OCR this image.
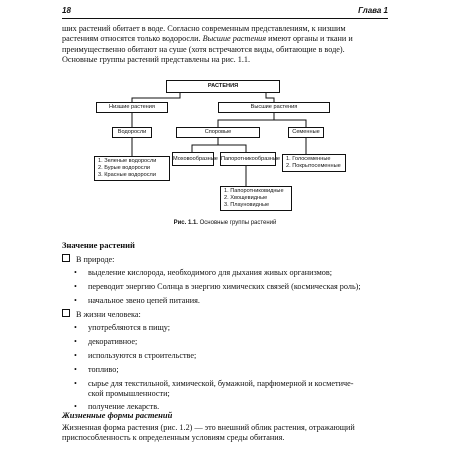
18	Глава 1
ших растений обитает в воде. Согласно современным представлениям, к низшим
растениям относятся только водоросли. Высшие растения имеют органы и ткани и
преимущественно обитают на суше (хотя встречаются виды, обитающие в воде).
Основные группы растений представлены на рис. 1.1.
РАСТЕНИЯ
Низшие растения	Высшие растения
Водоросли	Споровые	Семенные
1. Зеленые водоросли
2. Бурые водоросли
3. Красные водоросли
Моховообразные Папоротникообразные 1. Голосеменные
2. Покрытосеменные
1. Папоротниковидные
2. Хвощевидные
3. Плауновидные
Рис. 1.1. Основные группы растений
Значение растений
В природе:
• выделение кислорода, необходимого для дыхания живых организмов;
• переводит энергию Солнца в энергию химических связей (космическая роль);
• начальное звено цепей питания.
В жизни человека:
• употребляются в пищу;
• декоративное;
• используются в строительстве;
• топливо;
• сырье для текстильной, химической, бумажной, парфюмерной и косметиче-
ской промышленности;
• получение лекарств.
Жизненные формы растений
Жизненная форма растения (рис. 1.2) — это внешний облик растения, отражающий
приспособленность к определенным условиям среды обитания.
